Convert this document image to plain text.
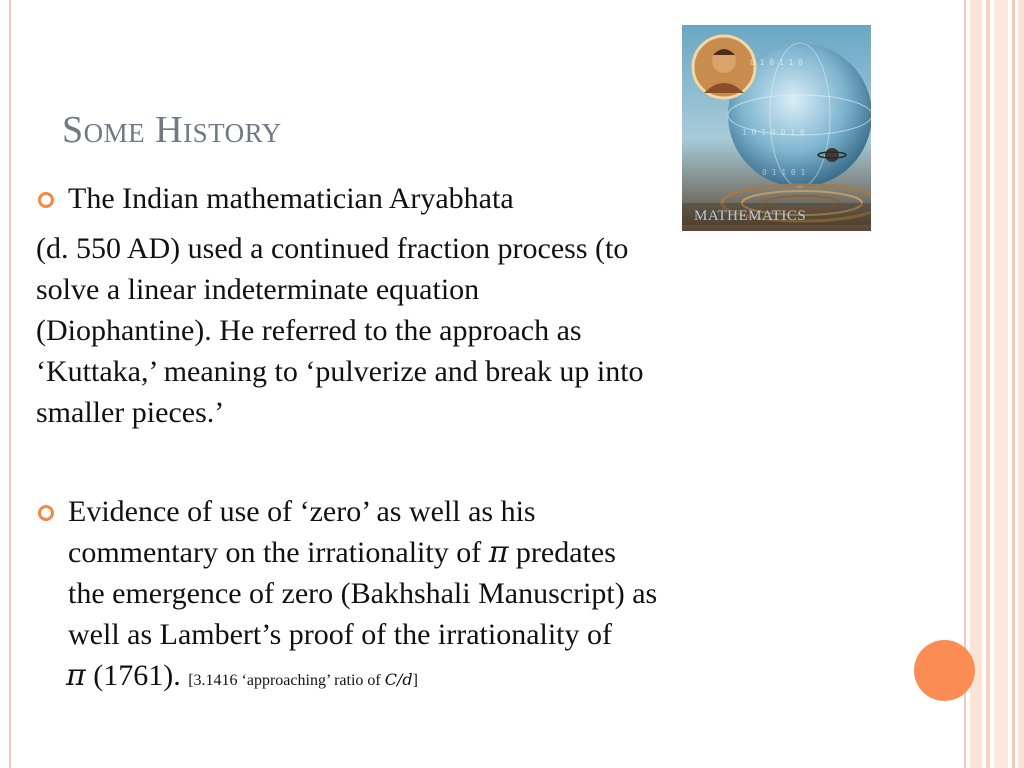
Some History
0 1 0 1 1 0
1 0 1 0 0 1 0
0 1 1 0 1
MATHEMATICS
The Indian mathematician Aryabhata
(d. 550 AD) used a continued fraction process (to
solve a linear indeterminate equation
(Diophantine). He referred to the approach as
‘Kuttaka,’ meaning to ‘pulverize and break up into
smaller pieces.’
Evidence of use of ‘zero’ as well as his
commentary on the irrationality of π predates
the emergence of zero (Bakhshali Manuscript) as
well as Lambert’s proof of the irrationality of
π (1761). [3.1416 ‘approaching’ ratio of C/d]
